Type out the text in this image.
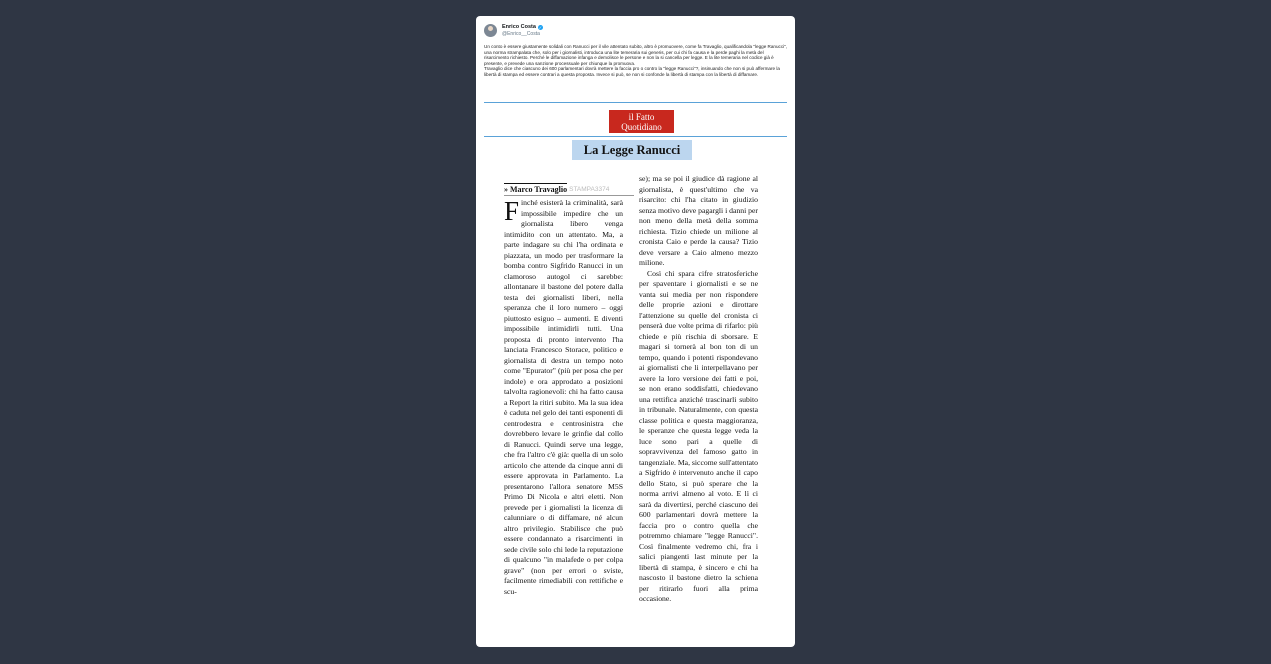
Enrico Costa ✓
@Enrico__Costa

Un conto è essere giustamente solidali con Ranucci per il vile attentato subito, altro è promuovere, come fa Travaglio, qualificandola "legge Ranucci", una norma strampalata che, solo per i giornalisti, introduca una lite temeraria sui generis, per cui chi fa causa e la perde paghi la metà del risarcimento richiesto. Perché le diffamazione infanga e demolisce le persone e non la si cancella per legge. E la lite temeraria nel codice già è presente, e prevede una sanzione processuale per chiunque la promuova.

Travaglio dice che ciascuno dei 600 parlamentari dovrà mettere la faccia pro o contro la "legge Ranucci"?, insinuando che non si può affermare la libertà di stampa ed essere contrari a questa proposta. Invece si può, se non si confonde la libertà di stampa con la libertà di diffamare.

il Fatto Quotidiano
La Legge Ranucci
» Marco Travaglio STAMPA3374
F inché esisterà la criminalità, sarà impossibile impedire che un giornalista libero venga intimidito con un attentato. Ma, a parte indagare su chi l'ha ordinata e piazzata, un modo per trasformare la bomba contro Sigfrido Ranucci in un clamoroso autogol ci sarebbe: allontanare il bastone del potere dalla testa dei giornalisti liberi, nella speranza che il loro numero – oggi piuttosto esiguo – aumenti. E diventi impossibile intimidirli tutti. Una proposta di pronto intervento l'ha lanciata Francesco Storace, politico e giornalista di destra un tempo noto come "Epurator" (più per posa che per indole) e ora approdato a posizioni talvolta ragionevoli: chi ha fatto causa a Report la ritiri subito. Ma la sua idea è caduta nel gelo dei tanti esponenti di centrodestra e centrosinistra che dovrebbero levare le grinfie dal collo di Ranucci. Quindi serve una legge, che fra l'altro c'è già: quella di un solo articolo che attende da cinque anni di essere approvata in Parlamento. La presentarono l'allora senatore M5S Primo Di Nicola e altri eletti. Non prevede per i giornalisti la licenza di calunniare o di diffamare, né alcun altro privilegio. Stabilisce che può essere condannato a risarcimenti in sede civile solo chi lede la reputazione di qualcuno "in malafede o per colpa grave" (non per errori o sviste, facilmente rimediabili con rettifiche e scu-

se); ma se poi il giudice dà ragione al giornalista, è quest'ultimo che va risarcito: chi l'ha citato in giudizio senza motivo deve pagargli i danni per non meno della metà della somma richiesta. Tizio chiede un milione al cronista Caio e perde la causa? Tizio deve versare a Caio almeno mezzo milione.

Così chi spara cifre stratosferiche per spaventare i giornalisti e se ne vanta sui media per non rispondere delle proprie azioni e dirottare l'attenzione su quelle del cronista ci penserà due volte prima di rifarlo: più chiede e più rischia di sborsare. E magari si tornerà al bon ton di un tempo, quando i potenti rispondevano ai giornalisti che li interpellavano per avere la loro versione dei fatti e poi, se non erano soddisfatti, chiedevano una rettifica anziché trascinarli subito in tribunale. Naturalmente, con questa classe politica e questa maggioranza, le speranze che questa legge veda la luce sono pari a quelle di sopravvivenza del famoso gatto in tangenziale. Ma, siccome sull'attentato a Sigfrido è intervenuto anche il capo dello Stato, si può sperare che la norma arrivi almeno al voto. E lì ci sarà da divertirsi, perché ciascuno dei 600 parlamentari dovrà mettere la faccia pro o contro quella che potremmo chiamare "legge Ranucci". Così finalmente vedremo chi, fra i salici piangenti last minute per la libertà di stampa, è sincero e chi ha nascosto il bastone dietro la schiena per ritirarlo fuori alla prima occasione.
